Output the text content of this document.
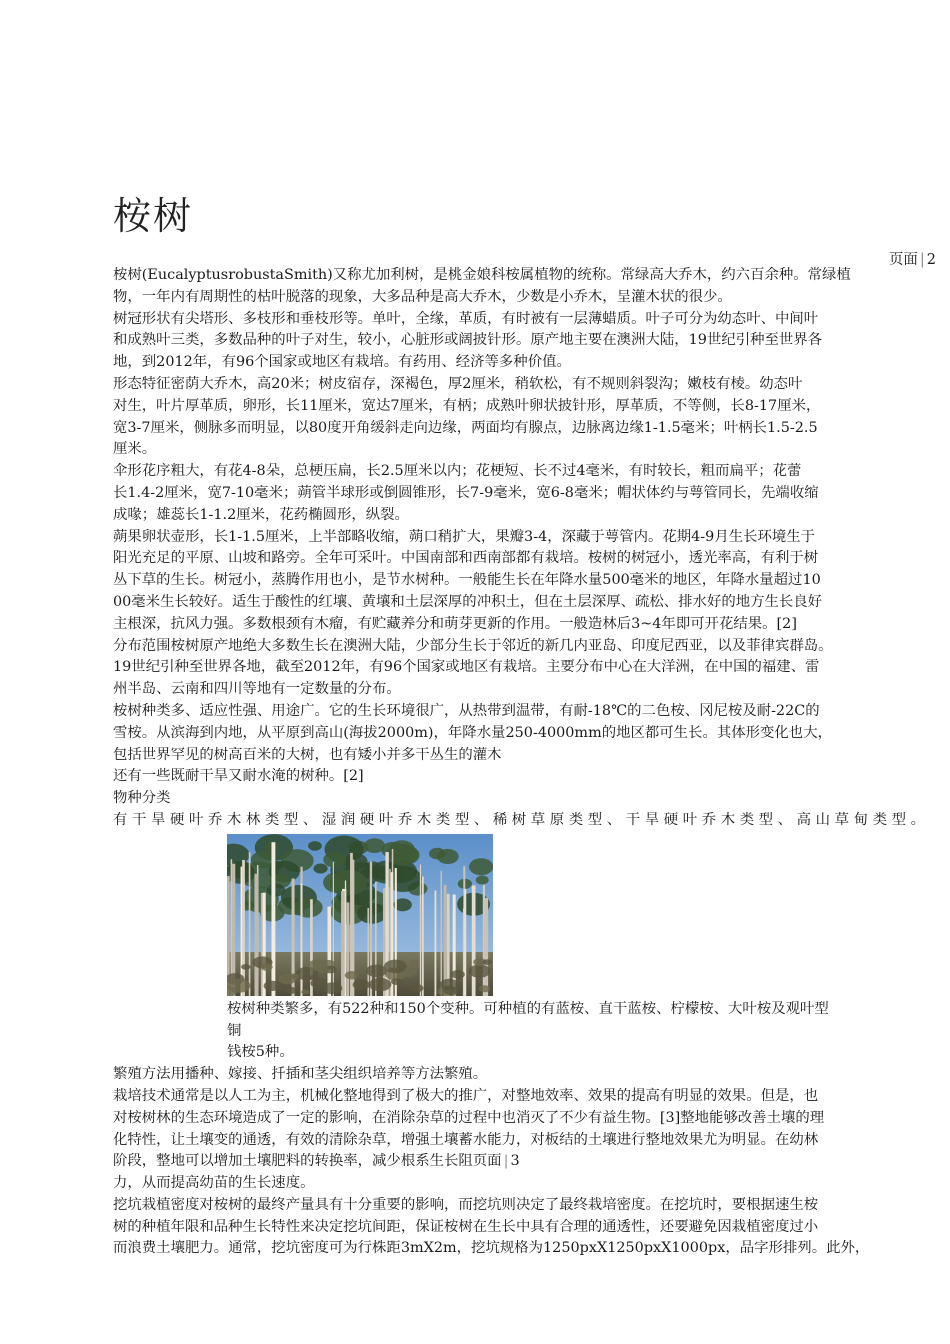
桉树
页面 | 2

桉树(EucalyptusrobustaSmith)又称尤加利树，是桃金娘科桉属植物的统称。常绿高大乔木，约六百余种。常绿植

物，一年内有周期性的枯叶脱落的现象，大多品种是高大乔木，少数是小乔木，呈灌木状的很少。

树冠形状有尖塔形、多枝形和垂枝形等。单叶，全缘，革质，有时被有一层薄蜡质。叶子可分为幼态叶、中间叶

和成熟叶三类，多数品种的叶子对生，较小，心脏形或阔披针形。原产地主要在澳洲大陆，19世纪引种至世界各

地，到2012年，有96个国家或地区有栽培。有药用、经济等多种价值。

形态特征密荫大乔木，高20米；树皮宿存，深褐色，厚2厘米，稍软松，有不规则斜裂沟；嫩枝有棱。幼态叶

对生，叶片厚革质，卵形，长11厘米，宽达7厘米，有柄；成熟叶卵状披针形，厚革质，不等侧，长8-17厘米，

宽3-7厘米，侧脉多而明显，以80度开角缓斜走向边缘，两面均有腺点，边脉离边缘1-1.5毫米；叶柄长1.5-2.5

厘米。

伞形花序粗大，有花4-8朵，总梗压扁，长2.5厘米以内；花梗短、长不过4毫米，有时较长，粗而扁平；花蕾

长1.4-2厘米，宽7-10毫米；蒴管半球形或倒圆锥形，长7-9毫米，宽6-8毫米；帽状体约与萼管同长，先端收缩

成喙；雄蕊长1-1.2厘米，花药椭圆形，纵裂。

蒴果卵状壶形，长1-1.5厘米，上半部略收缩，蒴口稍扩大，果瓣3-4，深藏于萼管内。花期4-9月生长环境生于

阳光充足的平原、山坡和路旁。全年可采叶。中国南部和西南部都有栽培。桉树的树冠小，透光率高，有利于树

丛下草的生长。树冠小，蒸腾作用也小，是节水树种。一般能生长在年降水量500毫米的地区，年降水量超过10

00毫米生长较好。适生于酸性的红壤、黄壤和土层深厚的冲积土，但在土层深厚、疏松、排水好的地方生长良好

主根深，抗风力强。多数根颈有木瘤，有贮藏养分和萌芽更新的作用。一般造林后3~4年即可开花结果。[2]

分布范围桉树原产地绝大多数生长在澳洲大陆，少部分生长于邻近的新几内亚岛、印度尼西亚，以及菲律宾群岛。

19世纪引种至世界各地，截至2012年，有96个国家或地区有栽培。主要分布中心在大洋洲，在中国的福建、雷

州半岛、云南和四川等地有一定数量的分布。

桉树种类多、适应性强、用途广。它的生长环境很广，从热带到温带，有耐-18℃的二色桉、冈尼桉及耐-22C的

雪桉。从滨海到内地，从平原到高山(海拔2000m)，年降水量250-4000mm的地区都可生长。其体形变化也大，

包括世界罕见的树高百米的大树，也有矮小并多干丛生的灌木

还有一些既耐干旱又耐水淹的树种。[2]

物种分类

有干旱硬叶乔木林类型、湿润硬叶乔木类型、稀树草原类型、干旱硬叶乔木类型、高山草甸类型。

桉树种类繁多，有522种和150个变种。可种植的有蓝桉、直干蓝桉、柠檬桉、大叶桉及观叶型

铜

钱桉5种。

繁殖方法用播种、嫁接、扦插和茎尖组织培养等方法繁殖。

栽培技术通常是以人工为主，机械化整地得到了极大的推广，对整地效率、效果的提高有明显的效果。但是，也

对桉树林的生态环境造成了一定的影响，在消除杂草的过程中也消灭了不少有益生物。[3]整地能够改善土壤的理

化特性，让土壤变的通透，有效的清除杂草，增强土壤蓄水能力，对板结的土壤进行整地效果尤为明显。在幼林

阶段，整地可以增加土壤肥料的转换率，减少根系生长阻页面 | 3

力，从而提高幼苗的生长速度。

挖坑栽植密度对桉树的最终产量具有十分重要的影响，而挖坑则决定了最终栽培密度。在挖坑时，要根据速生桉

树的种植年限和品种生长特性来决定挖坑间距，保证桉树在生长中具有合理的通透性，还要避免因栽植密度过小

而浪费土壤肥力。通常，挖坑密度可为行株距3mX2m，挖坑规格为1250pxX1250pxX1000px，品字形排列。此外，
